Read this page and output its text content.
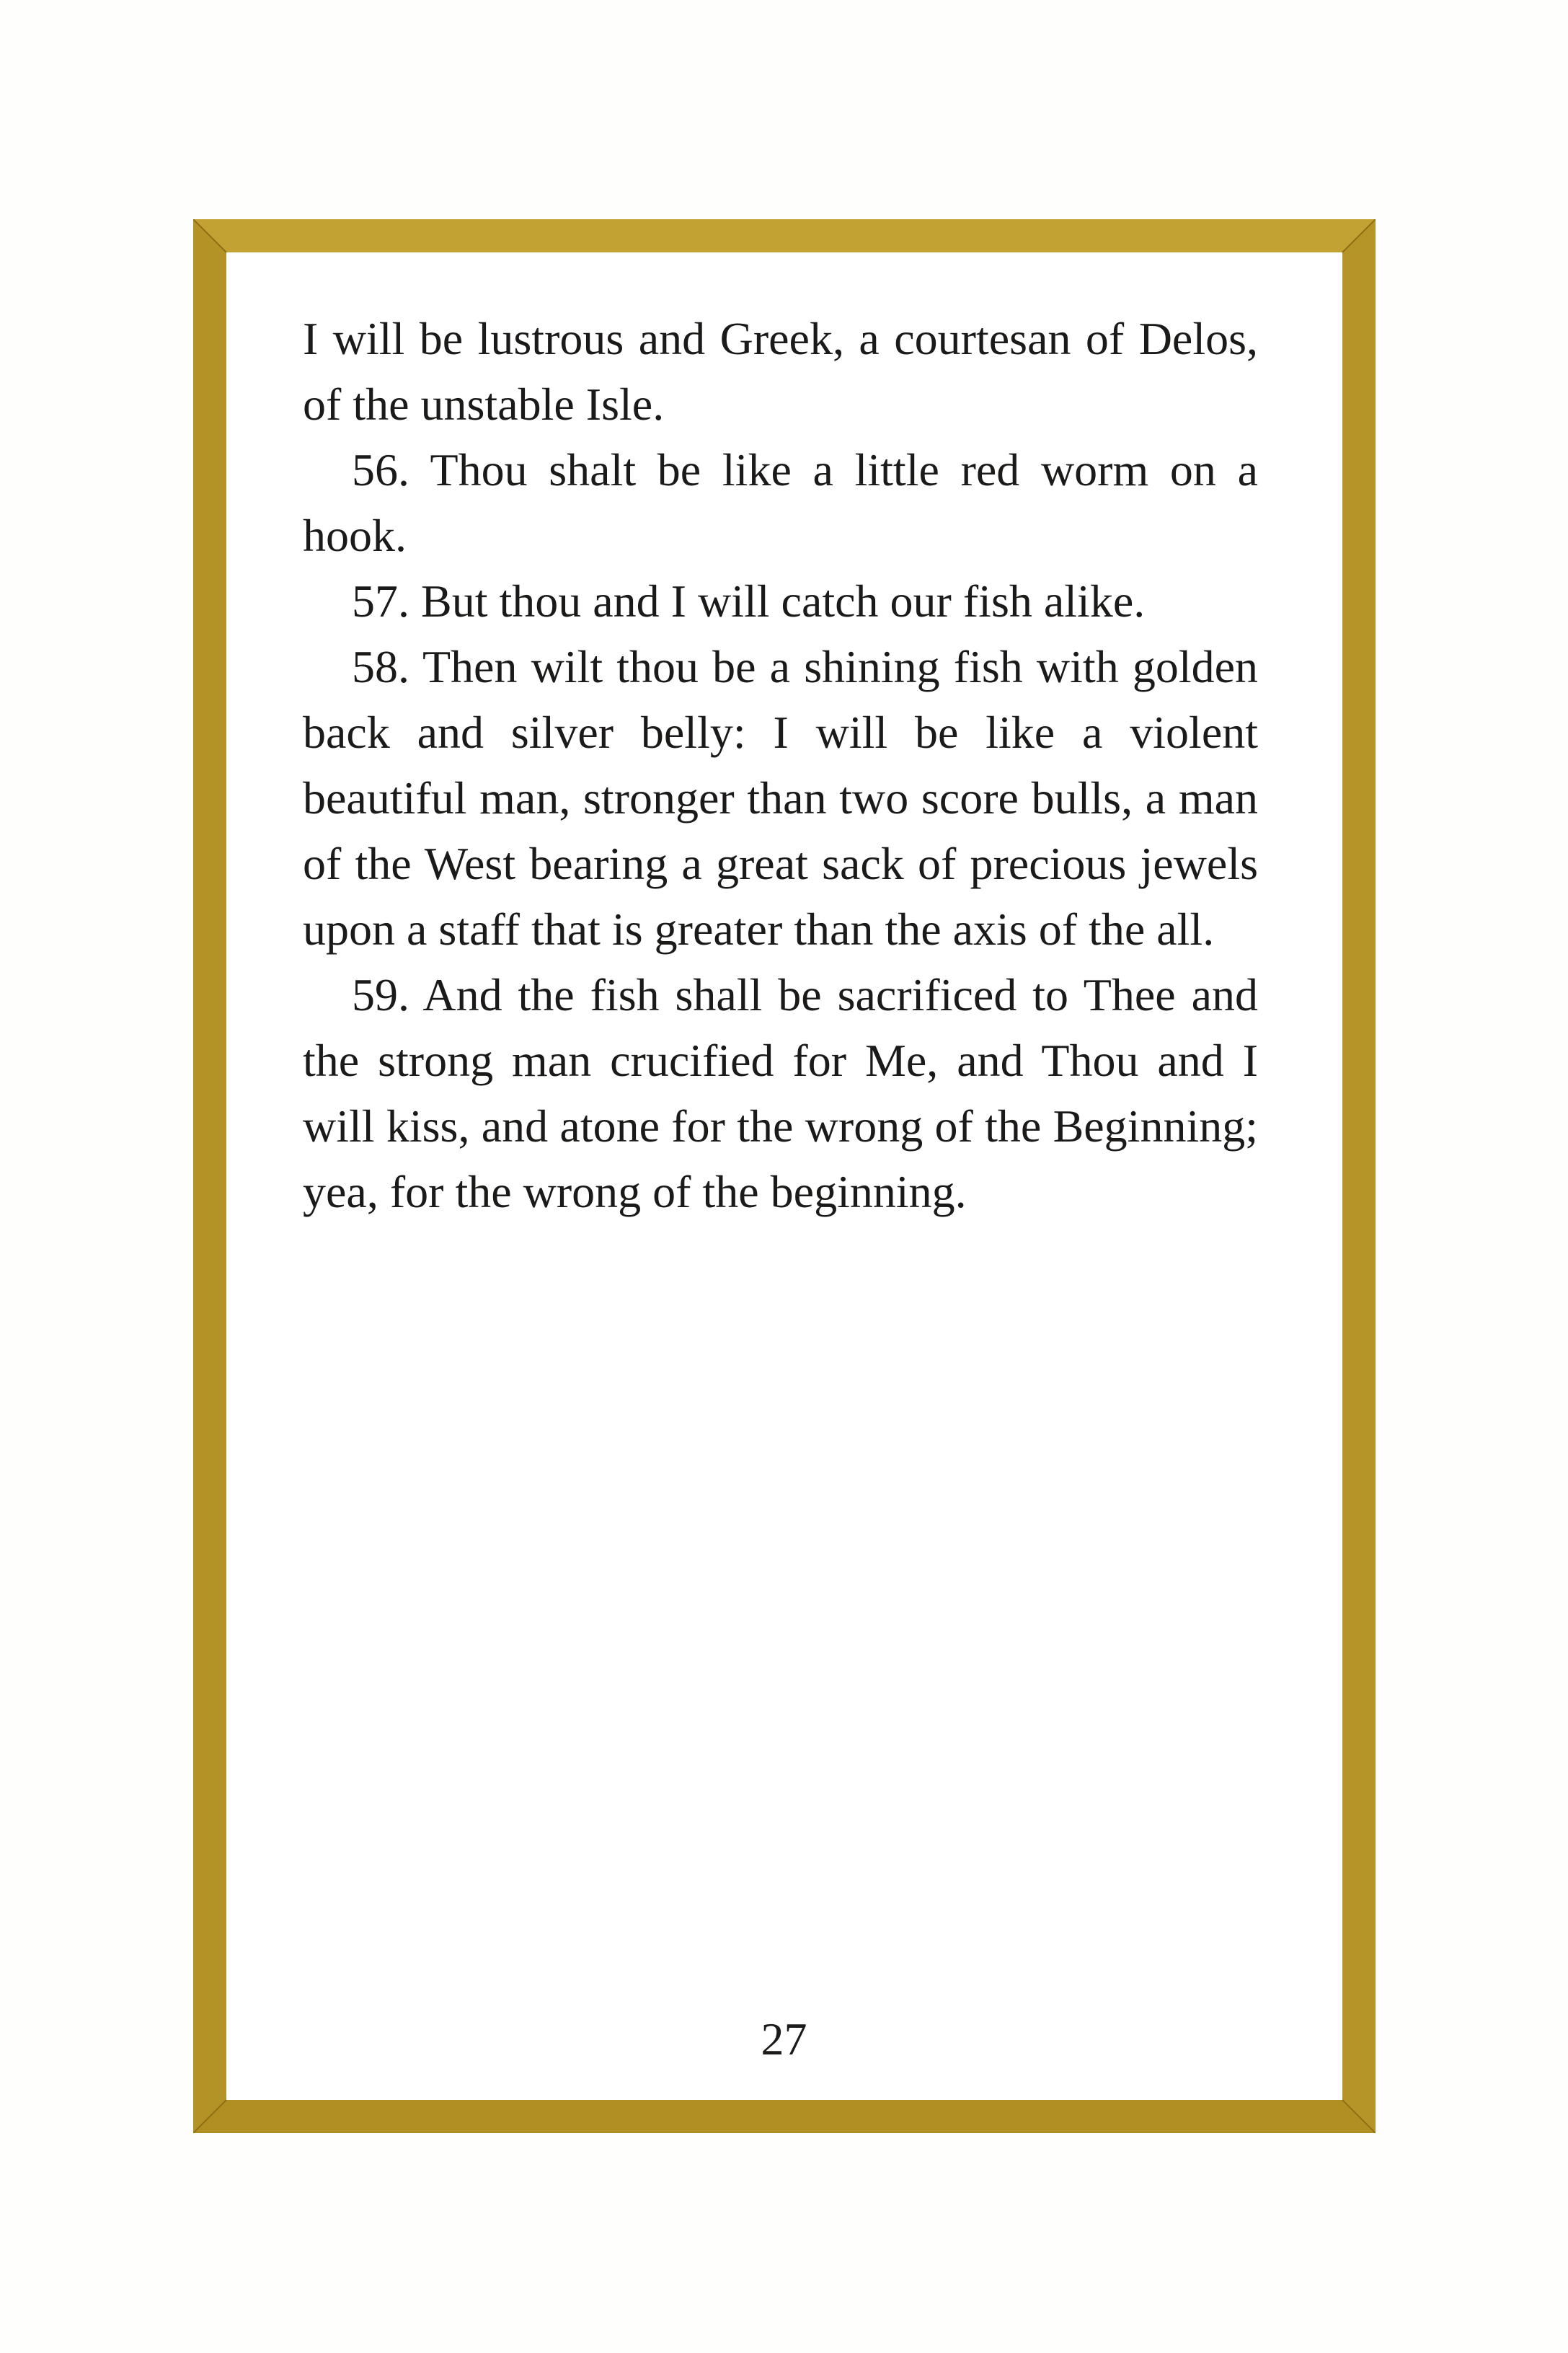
I will be lustrous and Greek, a courtesan of Delos, of the unstable Isle.

56. Thou shalt be like a little red worm on a hook.

57. But thou and I will catch our fish alike.

58. Then wilt thou be a shining fish with golden back and silver belly: I will be like a violent beautiful man, stronger than two score bulls, a man of the West bearing a great sack of precious jewels upon a staff that is greater than the axis of the all.

59. And the fish shall be sacrificed to Thee and the strong man crucified for Me, and Thou and I will kiss, and atone for the wrong of the Beginning; yea, for the wrong of the beginning.

27
